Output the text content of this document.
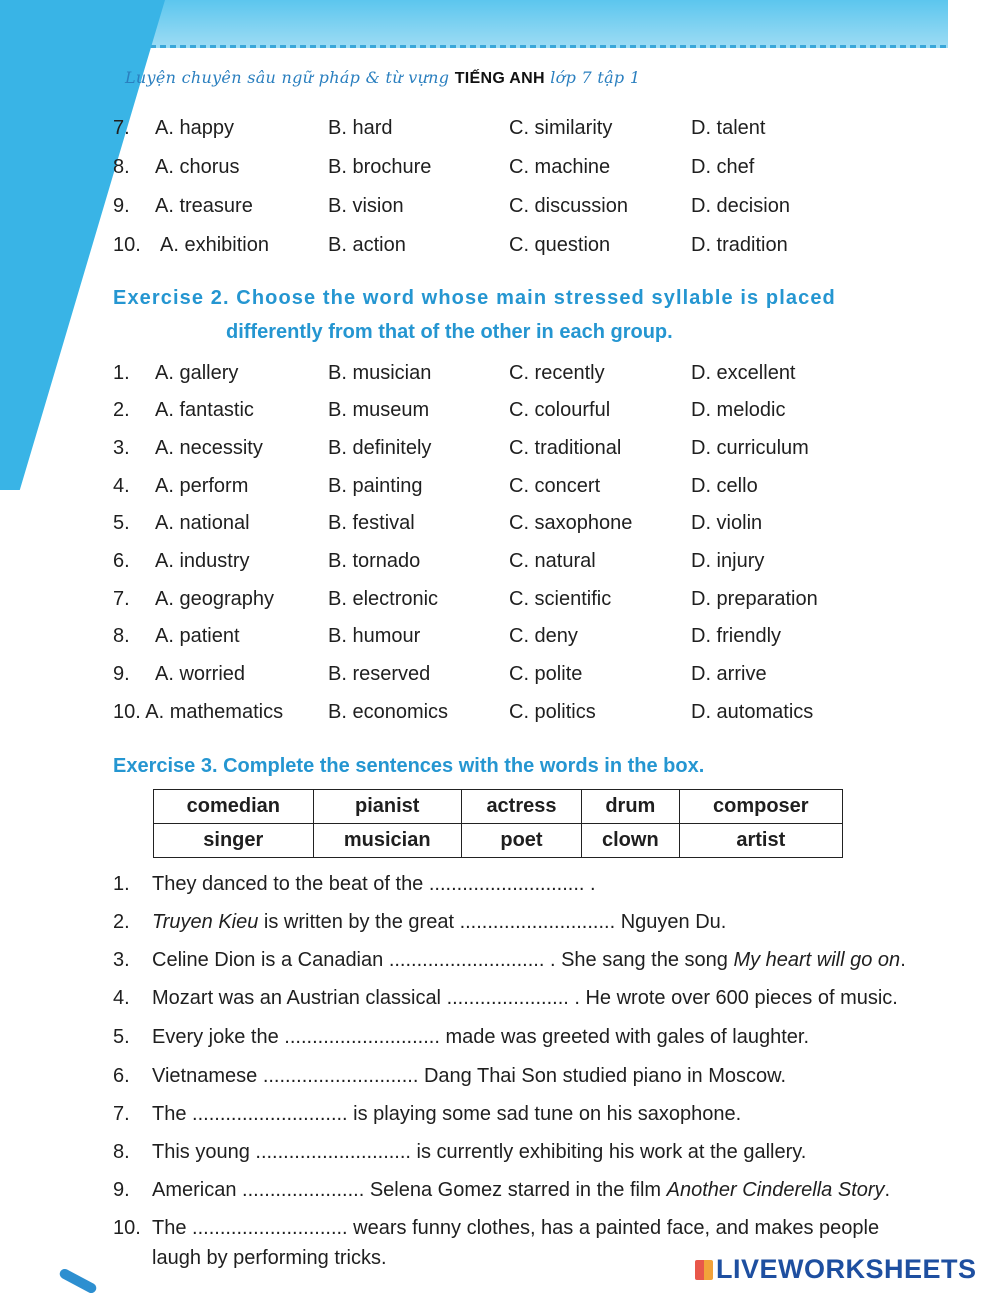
Luyện chuyên sâu ngữ pháp & từ vựng TIẾNG ANH lớp 7 tập 1
7. A. happy	B. hard	C. similarity	D. talent
8. A. chorus	B. brochure	C. machine	D. chef
9. A. treasure	B. vision	C. discussion	D. decision
10. A. exhibition	B. action	C. question	D. tradition
Exercise 2. Choose the word whose main stressed syllable is placed
differently from that of the other in each group.
1. A. gallery	B. musician	C. recently	D. excellent
2. A. fantastic	B. museum	C. colourful	D. melodic
3. A. necessity	B. definitely	C. traditional	D. curriculum
4. A. perform	B. painting	C. concert	D. cello
5. A. national	B. festival	C. saxophone	D. violin
6. A. industry	B. tornado	C. natural	D. injury
7. A. geography	B. electronic	C. scientific	D. preparation
8. A. patient	B. humour	C. deny	D. friendly
9. A. worried	B. reserved	C. polite	D. arrive
10. A. mathematics B. economics	C. politics	D. automatics
Exercise 3. Complete the sentences with the words in the box.
comedian	pianist	actress	drum	composer
singer	musician	poet	clown	artist
1. They danced to the beat of the ............................ .
2. Truyen Kieu is written by the great ............................ Nguyen Du.
3. Celine Dion is a Canadian ............................ . She sang the song My heart will go on.
4. Mozart was an Austrian classical ...................... . He wrote over 600 pieces of music.
5. Every joke the ............................ made was greeted with gales of laughter.
6. Vietnamese ............................ Dang Thai Son studied piano in Moscow.
7. The ............................ is playing some sad tune on his saxophone.
8. This young ............................ is currently exhibiting his work at the gallery.
9. American ...................... Selena Gomez starred in the film Another Cinderella Story.
10. The ............................ wears funny clothes, has a painted face, and makes people
laugh by performing tricks.	LIVEWORKSHEETS
